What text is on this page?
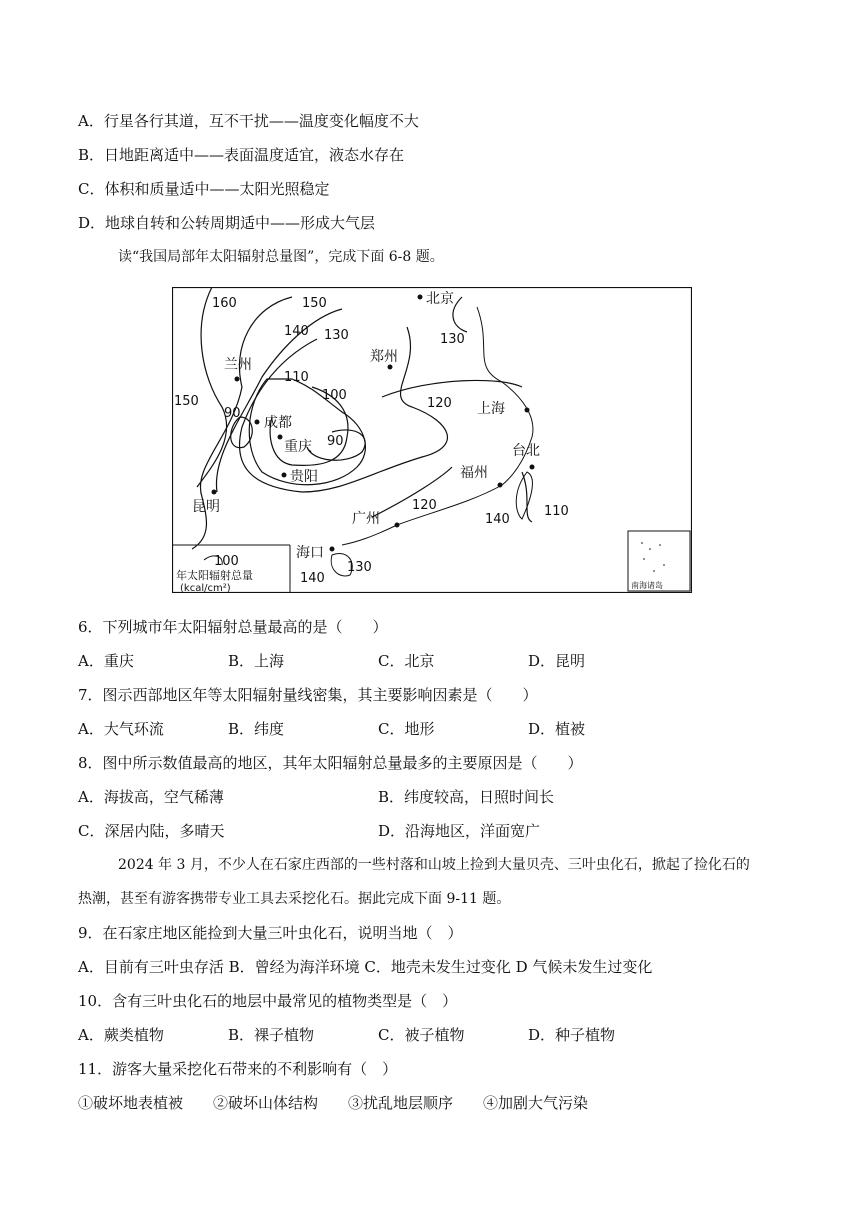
A．行星各行其道，互不干扰——温度变化幅度不大
B．日地距离适中——表面温度适宜，液态水存在
C．体积和质量适中——太阳光照稳定
D．地球自转和公转周期适中——形成大气层
读“我国局部年太阳辐射总量图”，完成下面 6-8 题。
160	150
140 130	130
110
100
90
90
120
150
120
140
110
130
140
北京
郑州
兰州
上海
成都
重庆
贵阳
昆明
福州
台北
广州
海口
100
年太阳辐射总量
(kcal/cm²)	南海诸岛
6．下列城市年太阳辐射总量最高的是（　　）
A．重庆	B．上海	C．北京	D．昆明
7．图示西部地区年等太阳辐射量线密集，其主要影响因素是（　　）
A．大气环流	B．纬度	C．地形	D．植被
8．图中所示数值最高的地区，其年太阳辐射总量最多的主要原因是（　　）
A．海拔高，空气稀薄	B．纬度较高，日照时间长
C．深居内陆，多晴天	D．沿海地区，洋面宽广
2024 年 3 月，不少人在石家庄西部的一些村落和山坡上捡到大量贝壳、三叶虫化石，掀起了捡化石的
热潮，甚至有游客携带专业工具去采挖化石。据此完成下面 9-11 题。
9．在石家庄地区能捡到大量三叶虫化石，说明当地（　）
A．目前有三叶虫存活 B．曾经为海洋环境 C．地壳未发生过变化 D 气候未发生过变化
10．含有三叶虫化石的地层中最常见的植物类型是（　）
A．蕨类植物	B．裸子植物	C．被子植物	D．种子植物
11．游客大量采挖化石带来的不利影响有（　）
①破坏地表植被　　②破坏山体结构　　③扰乱地层顺序　　④加剧大气污染
